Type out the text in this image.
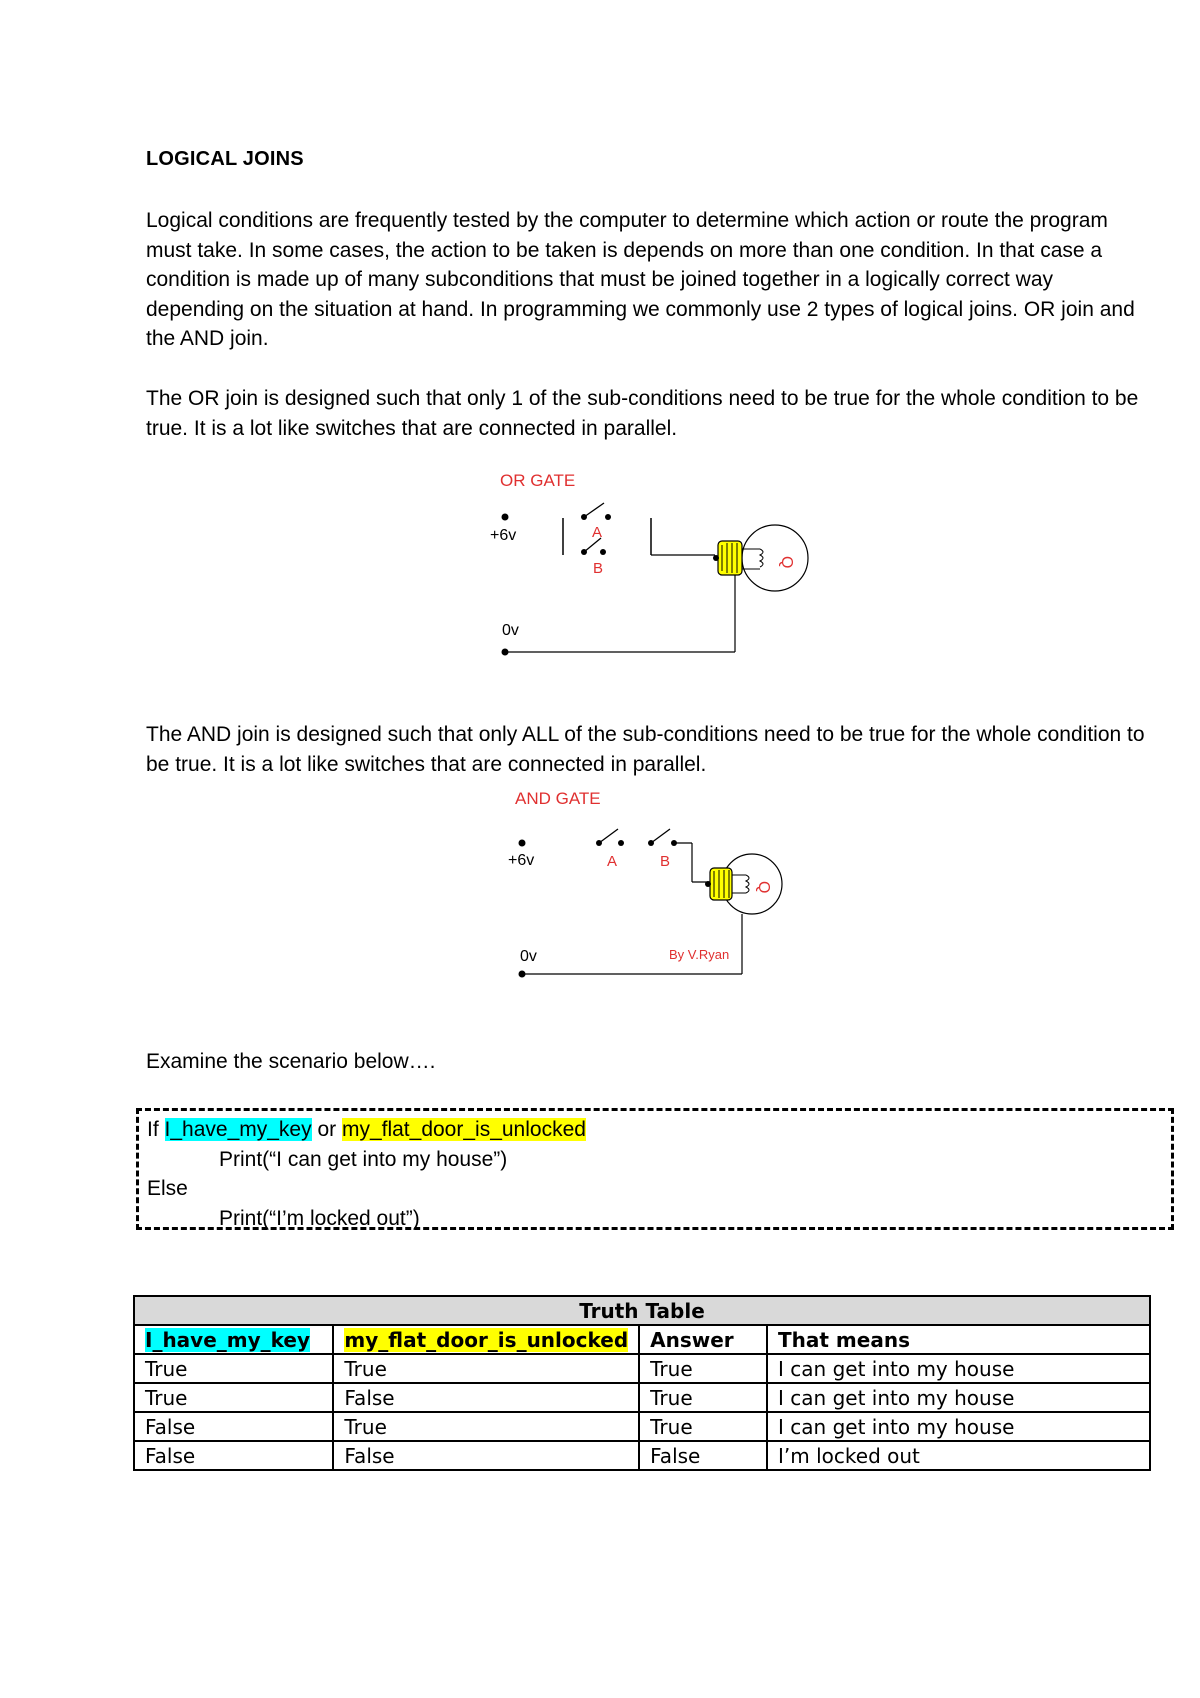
LOGICAL JOINS
Logical conditions are frequently tested by the computer to determine which action or route the program must take. In some cases, the action to be taken is depends on more than one condition. In that case a condition is made up of many subconditions that must be joined together in a logically correct way depending on the situation at hand. In programming we commonly use 2 types of logical joins. OR join and the AND join.
The OR join is designed such that only 1 of the sub-conditions need to be true for the whole condition to be true. It is a lot like switches that are connected in parallel.
OR GATE
+6v	A
B	Q
0v
The AND join is designed such that only ALL of the sub-conditions need to be true for the whole condition to be true. It is a lot like switches that are connected in parallel.
AND GATE
+6v	A	B
Q
0v	By V.Ryan
Examine the scenario below….
If I_have_my_key or my_flat_door_is_unlocked
Print(“I can get into my house”)
Else
Print(“I’m locked out”)
Truth Table			
I_have_my_key	my_flat_door_is_unlocked	Answer	That means
True	True	True	I can get into my house
True	False	True	I can get into my house
False	True	True	I can get into my house
False	False	False	I’m locked out
